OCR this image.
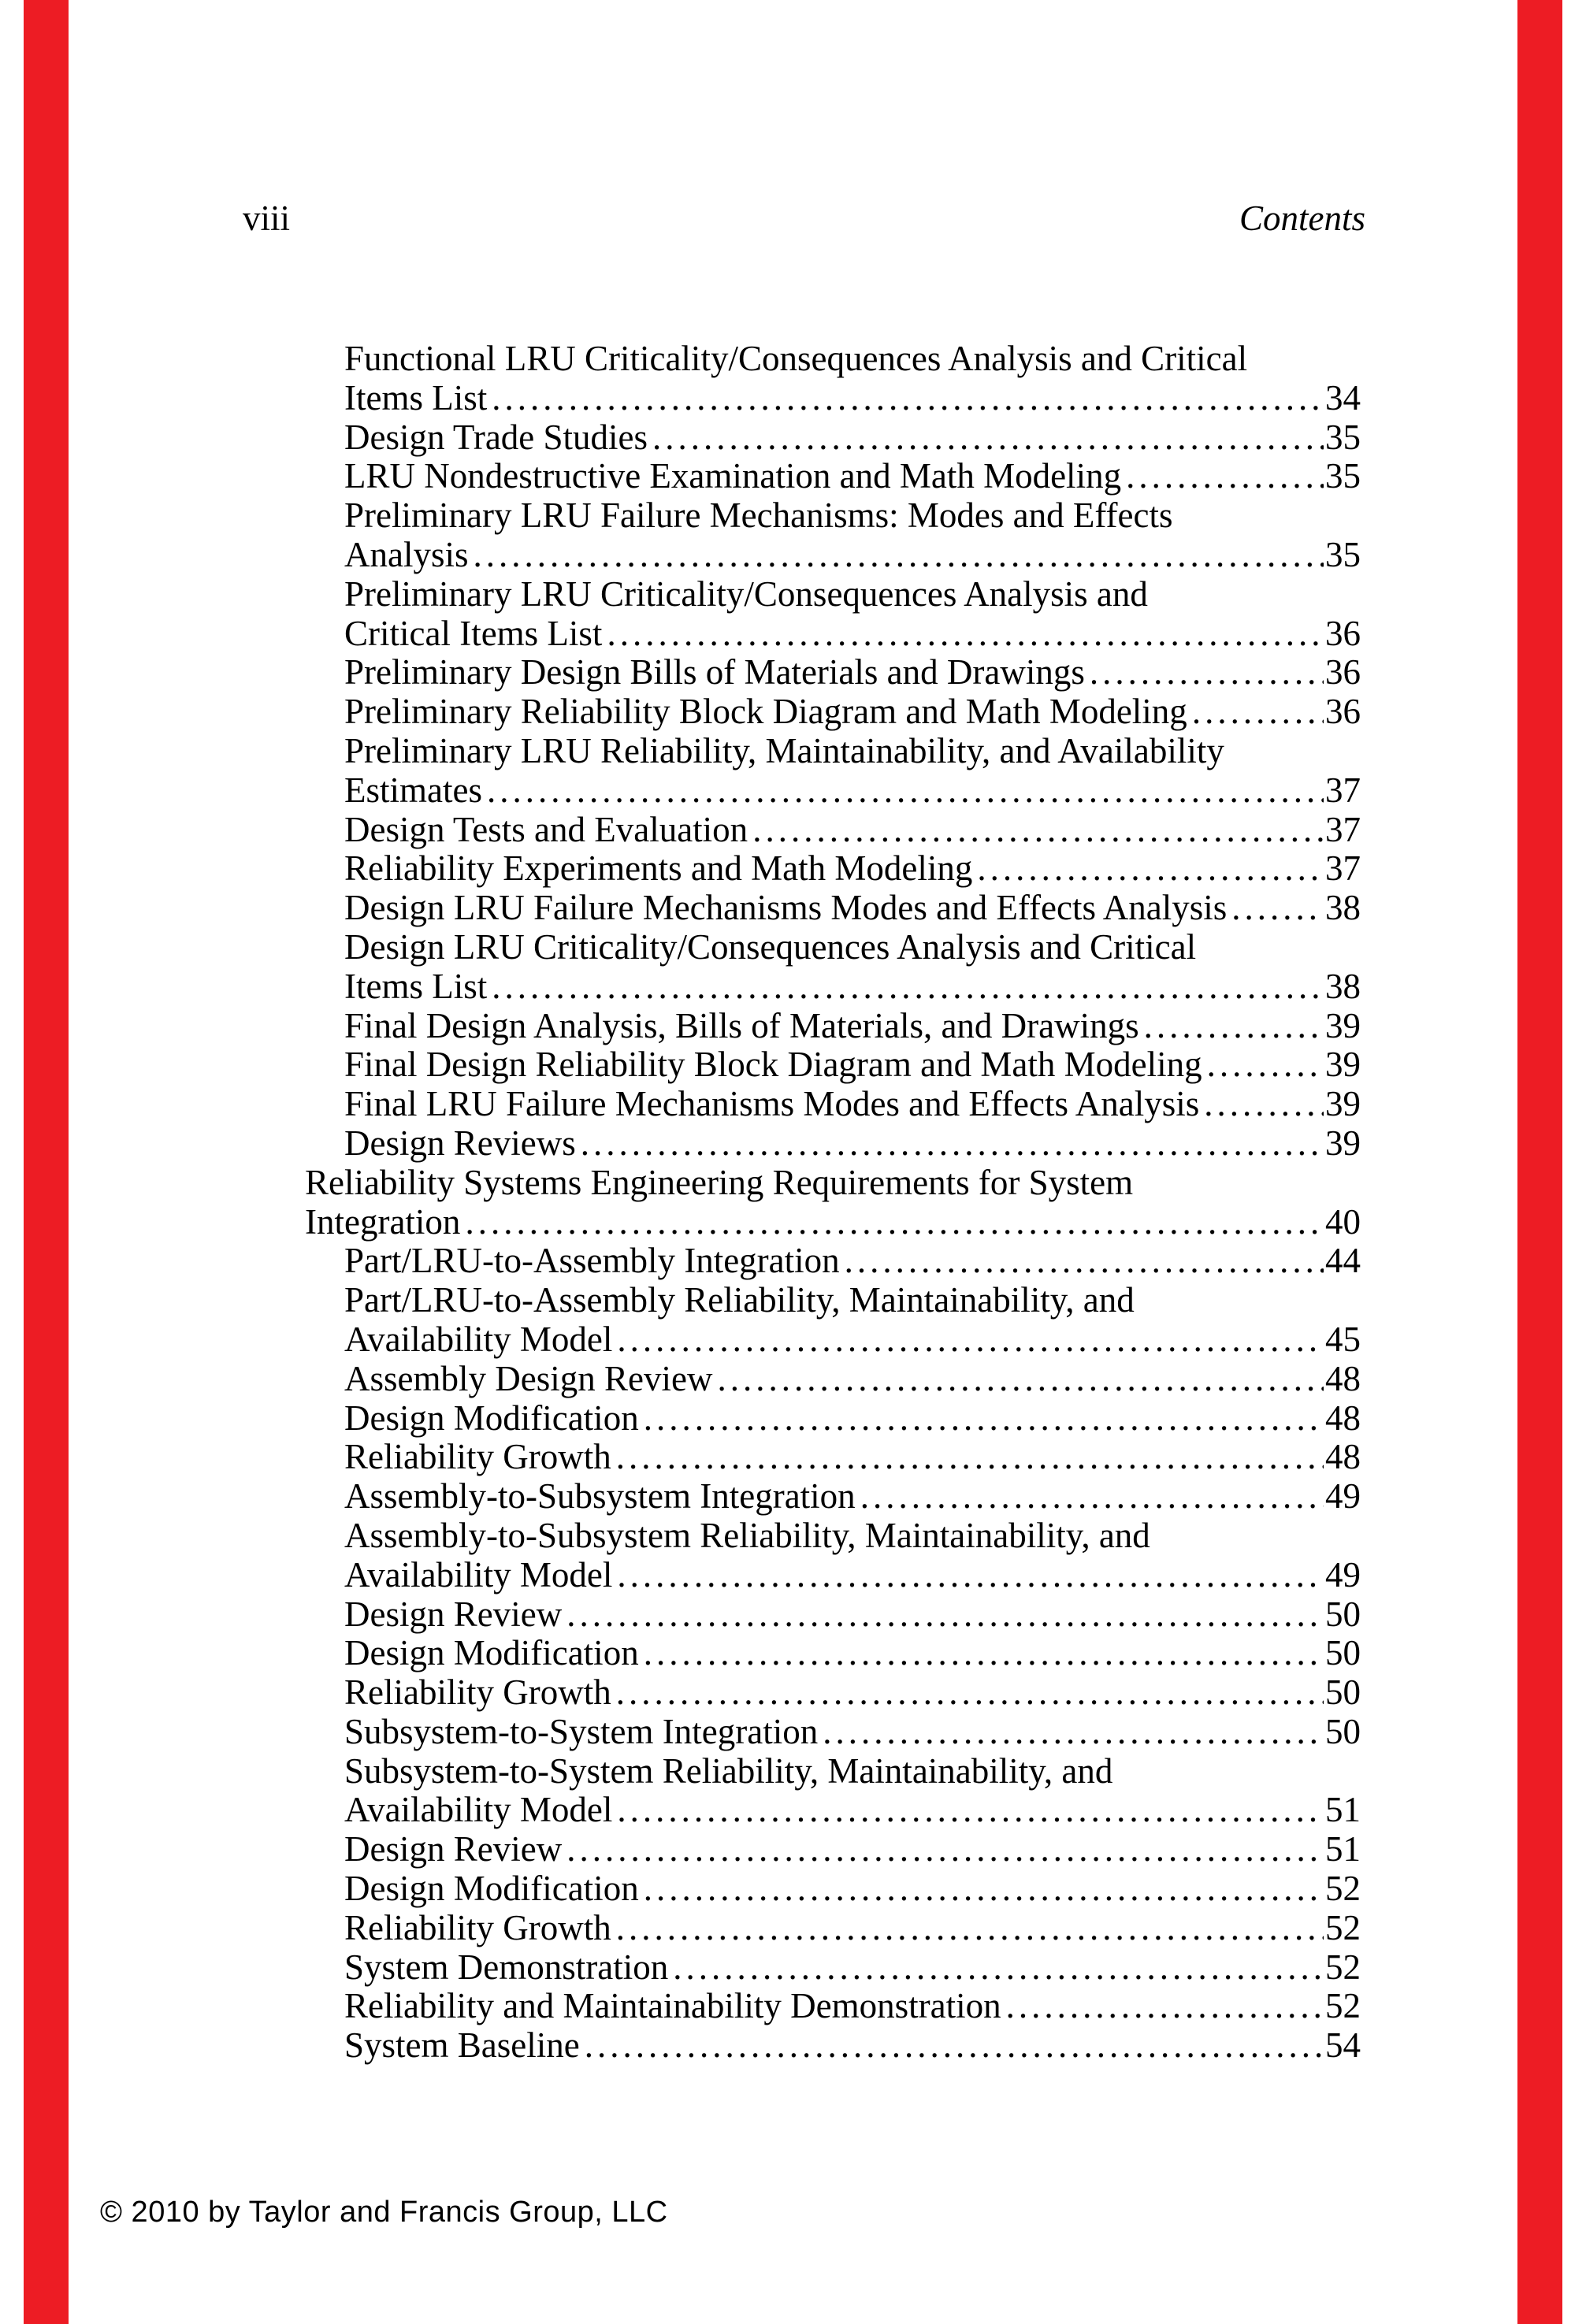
viii	Contents
Functional LRU Criticality/Consequences Analysis and Critical
Items List .....	34
Design Trade Studies .....	35
LRU Nondestructive Examination and Math Modeling .....	35
Preliminary LRU Failure Mechanisms: Modes and Effects
Analysis .....	35
Preliminary LRU Criticality/Consequences Analysis and
Critical Items List .....	36
Preliminary Design Bills of Materials and Drawings .....	36
Preliminary Reliability Block Diagram and Math Modeling .....	36
Preliminary LRU Reliability, Maintainability, and Availability
Estimates .....	37
Design Tests and Evaluation .....	37
Reliability Experiments and Math Modeling .....	37
Design LRU Failure Mechanisms Modes and Effects Analysis .....	38
Design LRU Criticality/Consequences Analysis and Critical
Items List .....	38
Final Design Analysis, Bills of Materials, and Drawings .....	39
Final Design Reliability Block Diagram and Math Modeling .....	39
Final LRU Failure Mechanisms Modes and Effects Analysis .....	39
Design Reviews .....	39
Reliability Systems Engineering Requirements for System
Integration .....	40
Part/LRU-to-Assembly Integration .....	44
Part/LRU-to-Assembly Reliability, Maintainability, and
Availability Model .....	45
Assembly Design Review .....	48
Design Modification .....	48
Reliability Growth .....	48
Assembly-to-Subsystem Integration .....	49
Assembly-to-Subsystem Reliability, Maintainability, and
Availability Model .....	49
Design Review .....	50
Design Modification .....	50
Reliability Growth .....	50
Subsystem-to-System Integration .....	50
Subsystem-to-System Reliability, Maintainability, and
Availability Model .....	51
Design Review .....	51
Design Modification .....	52
Reliability Growth .....	52
System Demonstration .....	52
Reliability and Maintainability Demonstration .....	52
System Baseline .....	54
© 2010 by Taylor and Francis Group, LLC
